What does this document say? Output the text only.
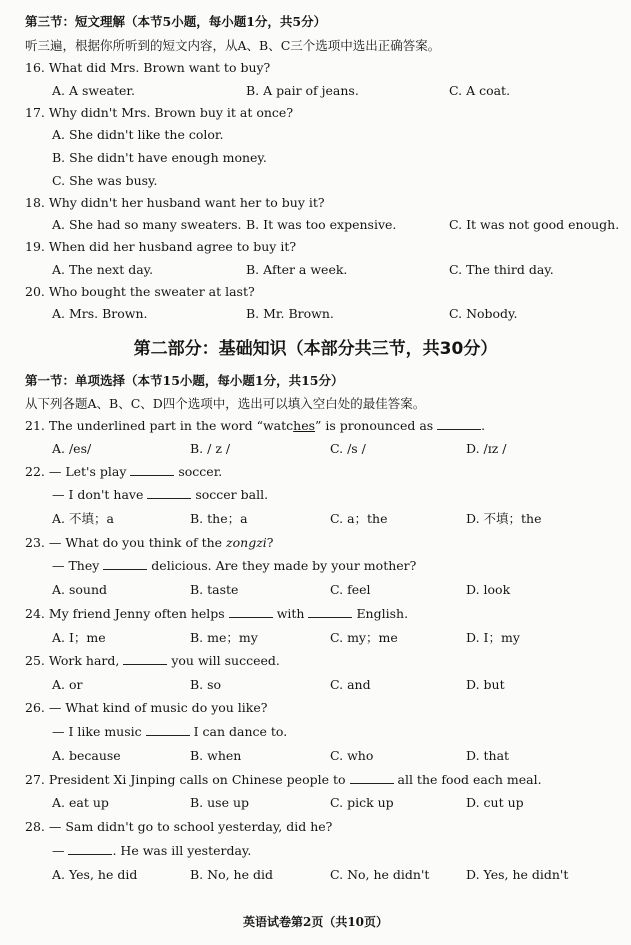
第三节：短文理解（本节5小题，每小题1分，共5分）
听三遍，根据你所听到的短文内容，从A、B、C三个选项中选出正确答案。
16. What did Mrs. Brown want to buy?
A. A sweater.	B. A pair of jeans.	C. A coat.
17. Why didn't Mrs. Brown buy it at once?
A. She didn't like the color.
B. She didn't have enough money.
C. She was busy.
18. Why didn't her husband want her to buy it?
A. She had so many sweaters. B. It was too expensive.	C. It was not good enough.
19. When did her husband agree to buy it?
A. The next day.	B. After a week.	C. The third day.
20. Who bought the sweater at last?
A. Mrs. Brown.	B. Mr. Brown.	C. Nobody.
第二部分：基础知识（本部分共三节，共30分）
第一节：单项选择（本节15小题，每小题1分，共15分）
从下列各题A、B、C、D四个选项中，选出可以填入空白处的最佳答案。
21. The underlined part in the word “watches” is pronounced as	.
A. /es/	B. / z /	C. /s /	D. /ɪz /
22. — Let's play	soccer.
— I don't have	soccer ball.
A. 不填；a	B. the；a	C. a；the	D. 不填；the
23. — What do you think of the zongzi?
— They	delicious. Are they made by your mother?
A. sound	B. taste	C. feel	D. look
24. My friend Jenny often helps	with	English.
A. I；me	B. me；my	C. my；me	D. I；my
25. Work hard,	you will succeed.
A. or	B. so	C. and	D. but
26. — What kind of music do you like?
— I like music	I can dance to.
A. because	B. when	C. who	D. that
27. President Xi Jinping calls on Chinese people to	all the food each meal.
A. eat up	B. use up	C. pick up	D. cut up
28. — Sam didn't go to school yesterday, did he?
—	. He was ill yesterday.
A. Yes, he did	B. No, he did	C. No, he didn't	D. Yes, he didn't
英语试卷第2页（共10页）
